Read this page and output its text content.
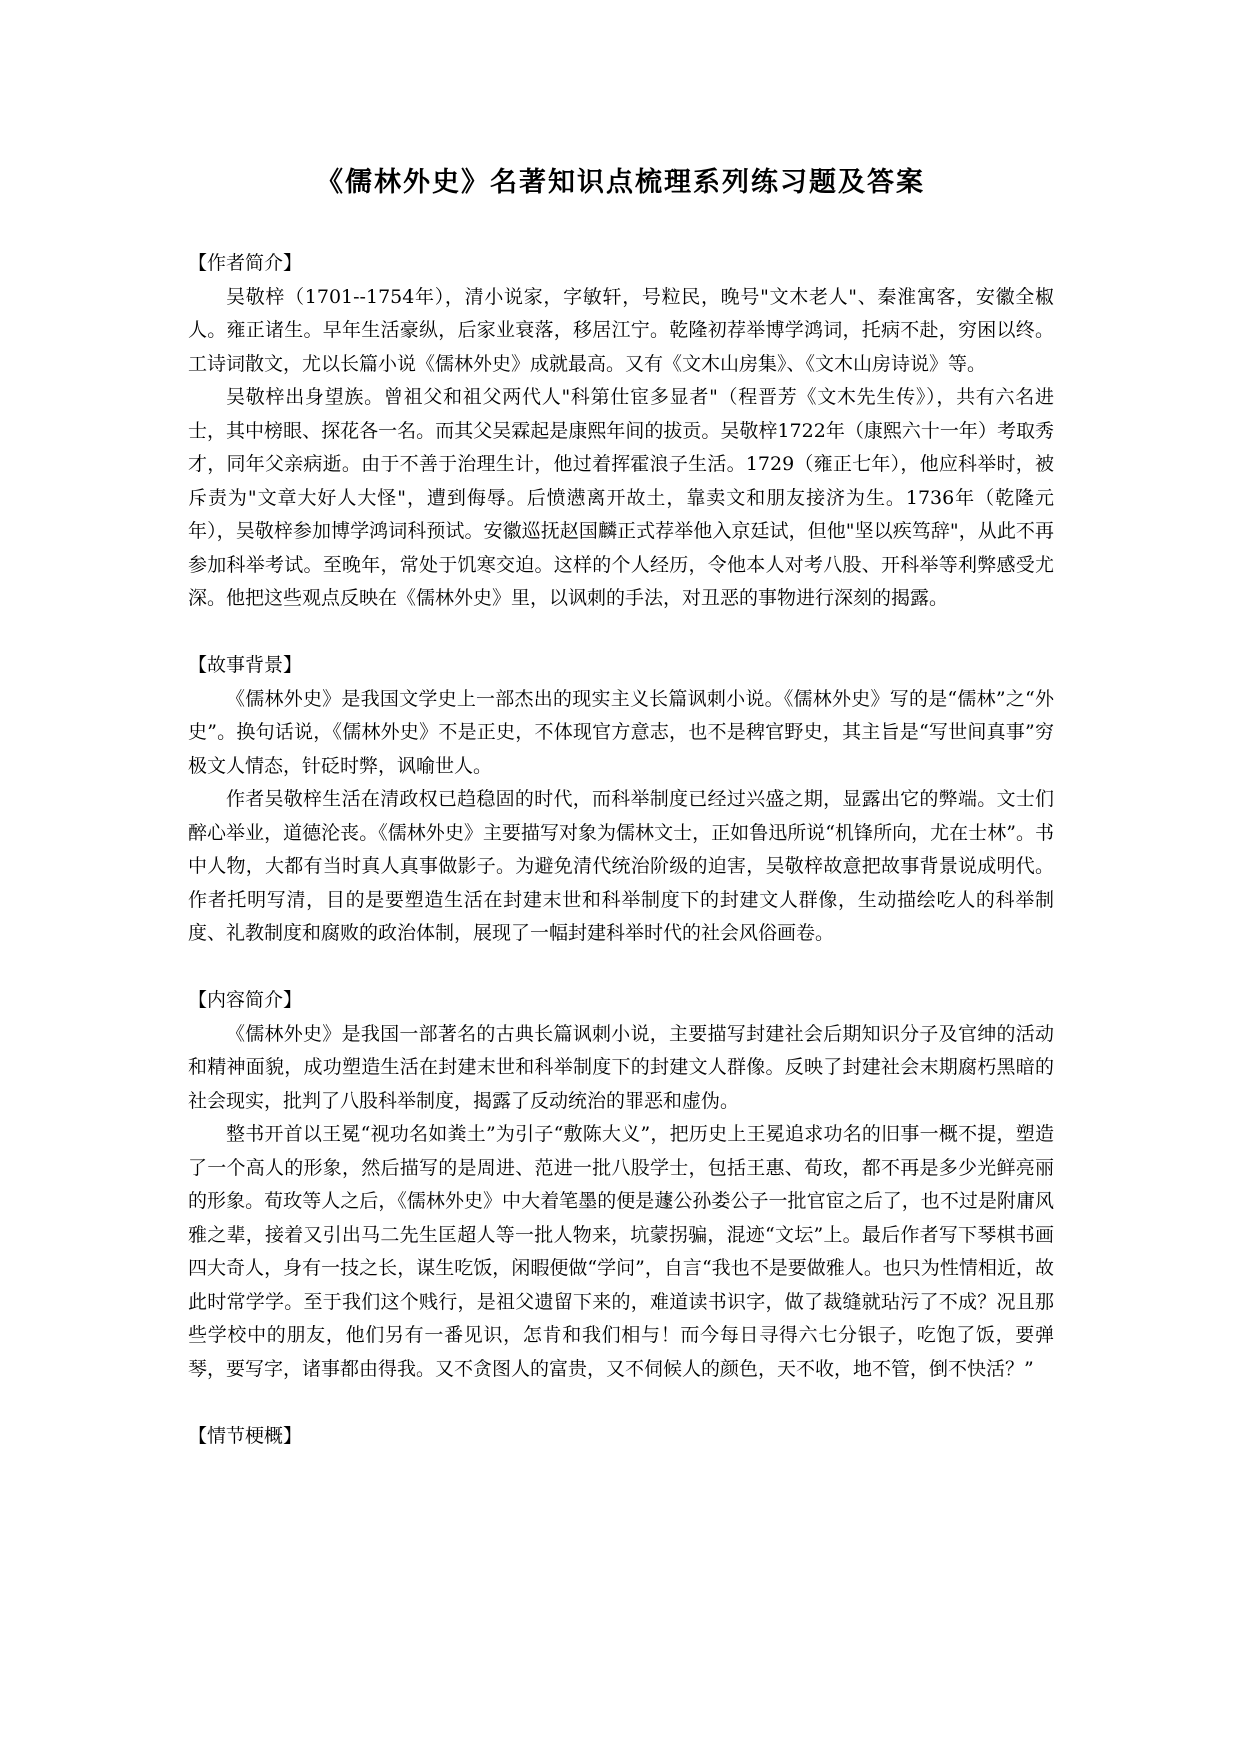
《儒林外史》名著知识点梳理系列练习题及答案

【作者简介】

吴敬梓（1701--1754年），清小说家，字敏轩，号粒民，晚号"文木老人"、秦淮寓客，安徽全椒人。雍正诸生。早年生活豪纵，后家业衰落，移居江宁。乾隆初荐举博学鸿词，托病不赴，穷困以终。工诗词散文，尤以长篇小说《儒林外史》成就最高。又有《文木山房集》、《文木山房诗说》等。

吴敬梓出身望族。曾祖父和祖父两代人"科第仕宦多显者"（程晋芳《文木先生传》），共有六名进士，其中榜眼、探花各一名。而其父吴霖起是康熙年间的拔贡。吴敬梓1722年（康熙六十一年）考取秀才，同年父亲病逝。由于不善于治理生计，他过着挥霍浪子生活。1729（雍正七年），他应科举时，被斥责为"文章大好人大怪"，遭到侮辱。后愤懑离开故土，靠卖文和朋友接济为生。1736年（乾隆元年），吴敬梓参加博学鸿词科预试。安徽巡抚赵国麟正式荐举他入京廷试，但他"坚以疾笃辞"，从此不再参加科举考试。至晚年，常处于饥寒交迫。这样的个人经历，令他本人对考八股、开科举等利弊感受尤深。他把这些观点反映在《儒林外史》里，以讽刺的手法，对丑恶的事物进行深刻的揭露。

【故事背景】

《儒林外史》是我国文学史上一部杰出的现实主义长篇讽刺小说。《儒林外史》写的是“儒林”之“外史”。换句话说，《儒林外史》不是正史，不体现官方意志，也不是稗官野史，其主旨是“写世间真事”穷极文人情态，针砭时弊，讽喻世人。

作者吴敬梓生活在清政权已趋稳固的时代，而科举制度已经过兴盛之期，显露出它的弊端。文士们醉心举业，道德沦丧。《儒林外史》主要描写对象为儒林文士，正如鲁迅所说“机锋所向，尤在士林”。书中人物，大都有当时真人真事做影子。为避免清代统治阶级的迫害，吴敬梓故意把故事背景说成明代。作者托明写清，目的是要塑造生活在封建末世和科举制度下的封建文人群像，生动描绘吃人的科举制度、礼教制度和腐败的政治体制，展现了一幅封建科举时代的社会风俗画卷。

【内容简介】

《儒林外史》是我国一部著名的古典长篇讽刺小说，主要描写封建社会后期知识分子及官绅的活动和精神面貌，成功塑造生活在封建末世和科举制度下的封建文人群像。反映了封建社会末期腐朽黑暗的社会现实，批判了八股科举制度，揭露了反动统治的罪恶和虚伪。

整书开首以王冕“视功名如粪土”为引子“敷陈大义”，把历史上王冕追求功名的旧事一概不提，塑造了一个高人的形象，然后描写的是周进、范进一批八股学士，包括王惠、荀玫，都不再是多少光鲜亮丽的形象。荀玫等人之后，《儒林外史》中大着笔墨的便是蘧公孙娄公子一批官宦之后了，也不过是附庸风雅之辈，接着又引出马二先生匡超人等一批人物来，坑蒙拐骗，混迹“文坛”上。最后作者写下琴棋书画四大奇人，身有一技之长，谋生吃饭，闲暇便做“学问”，自言“我也不是要做雅人。也只为性情相近，故此时常学学。至于我们这个贱行，是祖父遗留下来的，难道读书识字，做了裁缝就玷污了不成？况且那些学校中的朋友，他们另有一番见识，怎肯和我们相与！而今每日寻得六七分银子，吃饱了饭，要弹琴，要写字，诸事都由得我。又不贪图人的富贵，又不伺候人的颜色，天不收，地不管，倒不快活？”

【情节梗概】
